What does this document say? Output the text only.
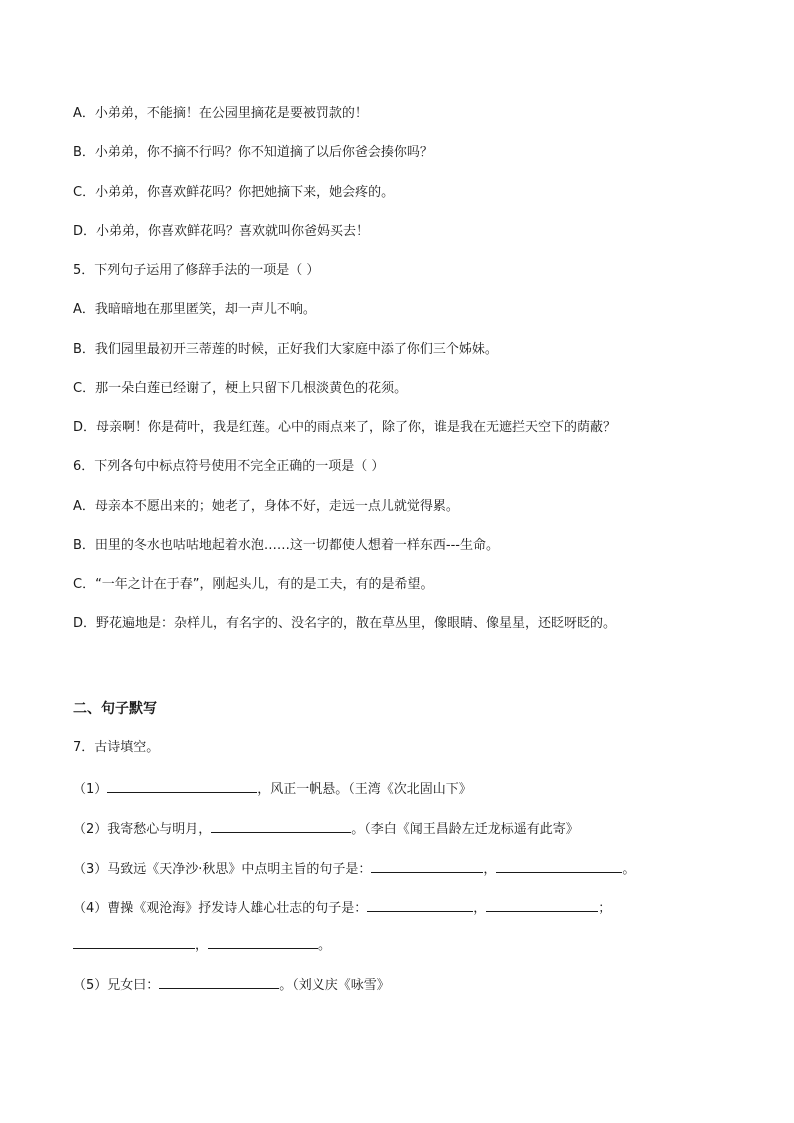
A．小弟弟，不能摘！在公园里摘花是要被罚款的！
B．小弟弟，你不摘不行吗？你不知道摘了以后你爸会揍你吗？
C．小弟弟，你喜欢鲜花吗？你把她摘下来，她会疼的。
D．小弟弟，你喜欢鲜花吗？喜欢就叫你爸妈买去！
5．下列句子运用了修辞手法的一项是（ ）
A．我暗暗地在那里匿笑，却一声儿不响。
B．我们园里最初开三蒂莲的时候，正好我们大家庭中添了你们三个姊妹。
C．那一朵白莲已经谢了，梗上只留下几根淡黄色的花须。
D．母亲啊！你是荷叶，我是红莲。心中的雨点来了，除了你，谁是我在无遮拦天空下的荫蔽？
6．下列各句中标点符号使用不完全正确的一项是（ ）
A．母亲本不愿出来的；她老了，身体不好，走远一点儿就觉得累。
B．田里的冬水也咕咕地起着水泡……这一切都使人想着一样东西---生命。
C．“一年之计在于春”，刚起头儿，有的是工夫，有的是希望。
D．野花遍地是：杂样儿，有名字的、没名字的，散在草丛里，像眼睛、像星星，还眨呀眨的。
二、句子默写
7．古诗填空。
（1）	，风正一帆悬。（王湾《次北固山下》
（2）我寄愁心与明月，	。（李白《闻王昌龄左迁龙标遥有此寄》
（3）马致远《天净沙·秋思》中点明主旨的句子是：	，	。
（4）曹操《观沧海》抒发诗人雄心壮志的句子是：	，	；
，	。
（5）兄女曰：	。（刘义庆《咏雪》
